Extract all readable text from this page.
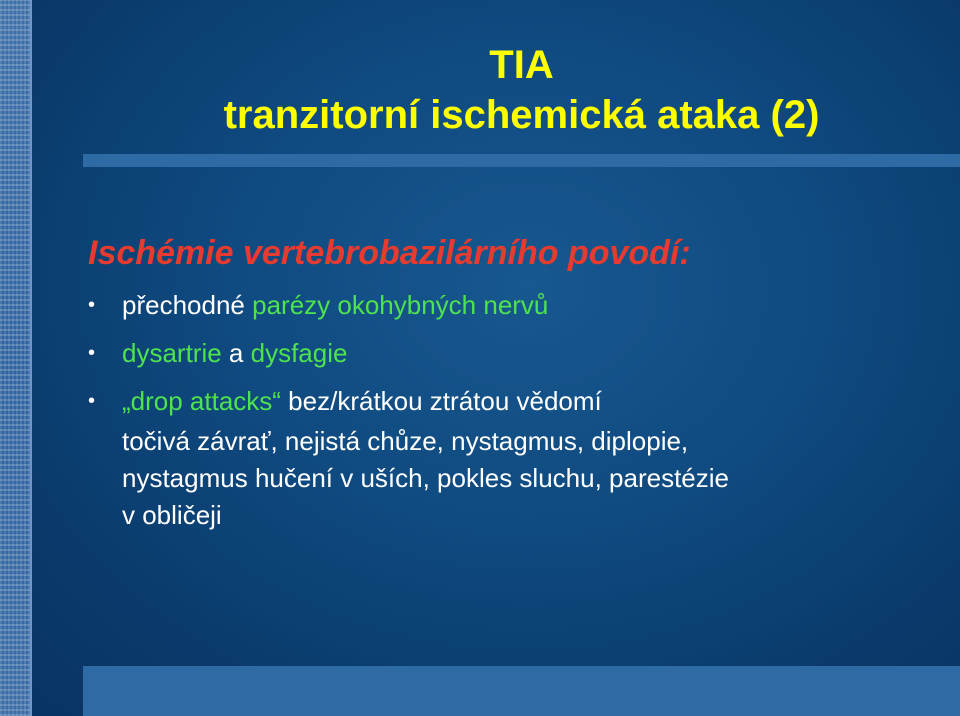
TIA
tranzitorní ischemická ataka (2)
Ischémie vertebrobazilárního povodí:
• přechodné parézy okohybných nervů
• dysartrie a dysfagie
• „drop attacks“ bez/krátkou ztrátou vědomí

točivá závrať, nejistá chůze, nystagmus, diplopie,
nystagmus hučení v uších, pokles sluchu, parestézie
v obličeji
